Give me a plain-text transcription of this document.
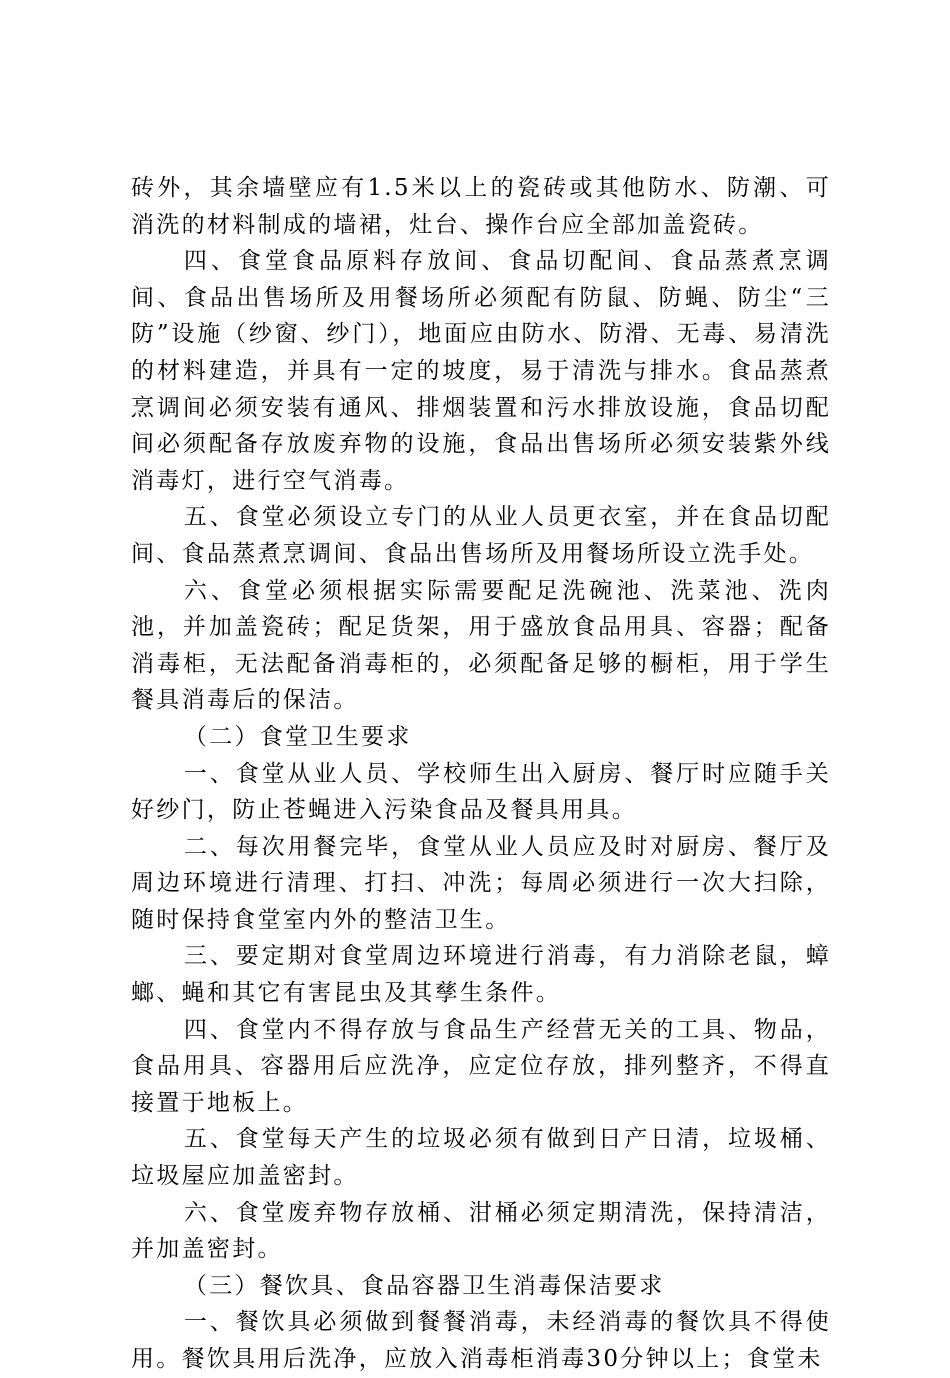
砖外，其余墙壁应有1.5米以上的瓷砖或其他防水、防潮、可消洗的材料制成的墙裙，灶台、操作台应全部加盖瓷砖。

四、食堂食品原料存放间、食品切配间、食品蒸煮烹调间、食品出售场所及用餐场所必须配有防鼠、防蝇、防尘“三防”设施（纱窗、纱门），地面应由防水、防滑、无毒、易清洗的材料建造，并具有一定的坡度，易于清洗与排水。食品蒸煮烹调间必须安装有通风、排烟装置和污水排放设施，食品切配间必须配备存放废弃物的设施，食品出售场所必须安装紫外线消毒灯，进行空气消毒。

五、食堂必须设立专门的从业人员更衣室，并在食品切配间、食品蒸煮烹调间、食品出售场所及用餐场所设立洗手处。

六、食堂必须根据实际需要配足洗碗池、洗菜池、洗肉池，并加盖瓷砖；配足货架，用于盛放食品用具、容器；配备消毒柜，无法配备消毒柜的，必须配备足够的橱柜，用于学生餐具消毒后的保洁。

（二）食堂卫生要求

一、食堂从业人员、学校师生出入厨房、餐厅时应随手关好纱门，防止苍蝇进入污染食品及餐具用具。

二、每次用餐完毕，食堂从业人员应及时对厨房、餐厅及周边环境进行清理、打扫、冲洗；每周必须进行一次大扫除，随时保持食堂室内外的整洁卫生。

三、要定期对食堂周边环境进行消毒，有力消除老鼠，蟑螂、蝇和其它有害昆虫及其孳生条件。

四、食堂内不得存放与食品生产经营无关的工具、物品，食品用具、容器用后应洗净，应定位存放，排列整齐，不得直接置于地板上。

五、食堂每天产生的垃圾必须有做到日产日清，垃圾桶、垃圾屋应加盖密封。

六、食堂废弃物存放桶、泔桶必须定期清洗，保持清洁，并加盖密封。

（三）餐饮具、食品容器卫生消毒保洁要求

一、餐饮具必须做到餐餐消毒，未经消毒的餐饮具不得使用。餐饮具用后洗净，应放入消毒柜消毒30分钟以上；食堂未
